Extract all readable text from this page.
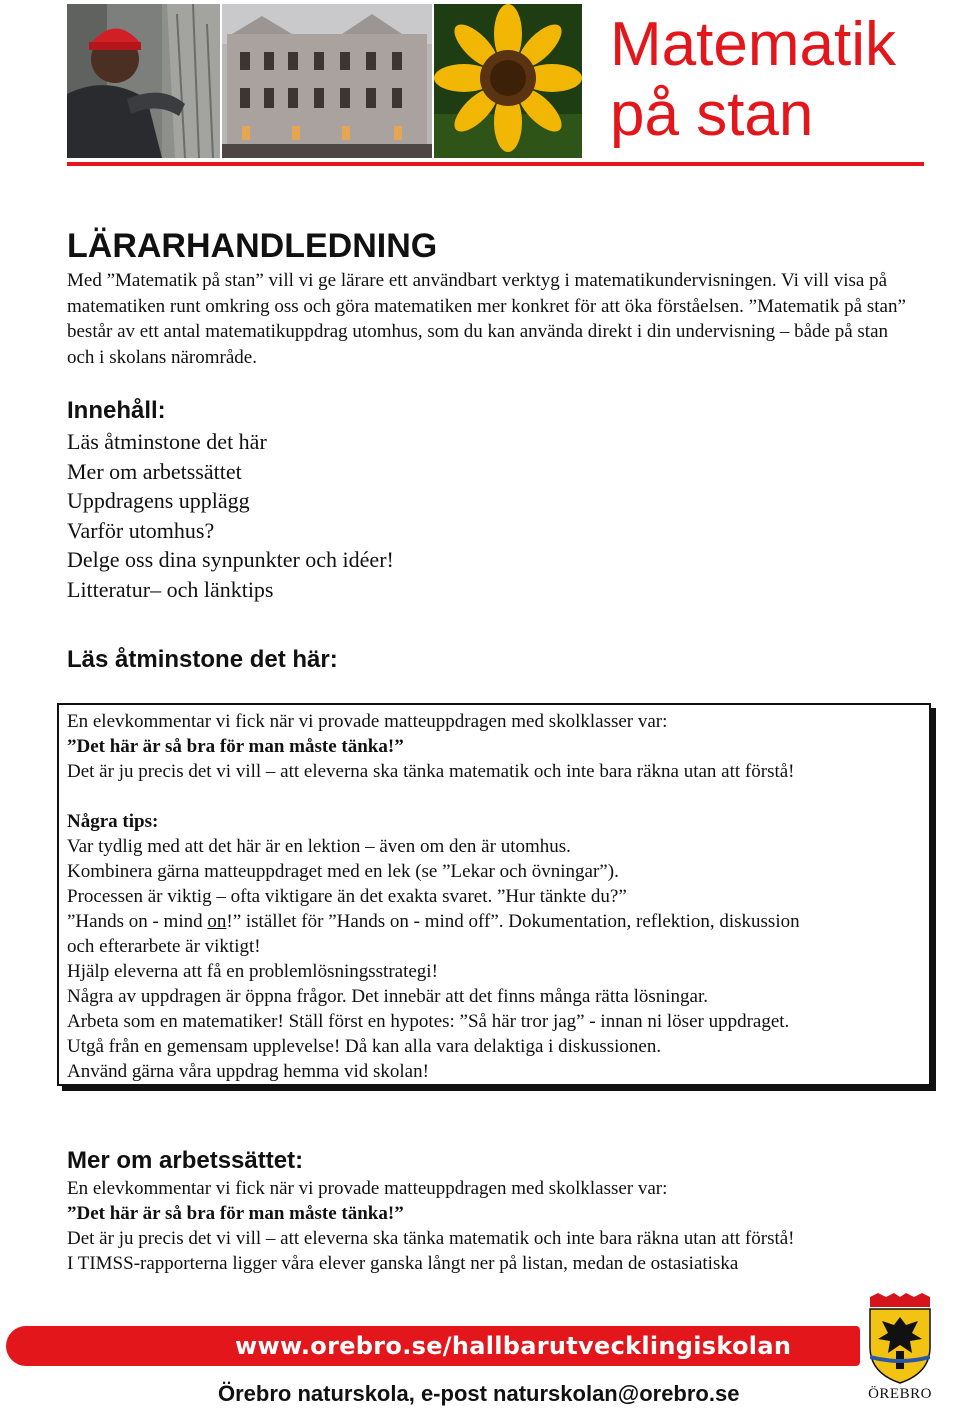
Matematik
på stan
LÄRARHANDLEDNING

Med ”Matematik på stan” vill vi ge lärare ett användbart verktyg i matematikundervisningen. Vi vill visa på matematiken runt omkring oss och göra matematiken mer konkret för att öka förståelsen. ”Matematik på stan” består av ett antal matematikuppdrag utomhus, som du kan använda direkt i din undervisning – både på stan och i skolans närområde.

Innehåll:
Läs åtminstone det här
Mer om arbetssättet
Uppdragens upplägg
Varför utomhus?
Delge oss dina synpunkter och idéer!
Litteratur– och länktips
Läs åtminstone det här:
En elevkommentar vi fick när vi provade matteuppdragen med skolklasser var:
”Det här är så bra för man måste tänka!”
Det är ju precis det vi vill – att eleverna ska tänka matematik och inte bara räkna utan att förstå!
Några tips:
Var tydlig med att det här är en lektion – även om den är utomhus.
Kombinera gärna matteuppdraget med en lek (se ”Lekar och övningar”).
Processen är viktig – ofta viktigare än det exakta svaret. ”Hur tänkte du?”
”Hands on - mind on!” istället för ”Hands on - mind off”. Dokumentation, reflektion, diskussion
och efterarbete är viktigt!
Hjälp eleverna att få en problemlösningsstrategi!
Några av uppdragen är öppna frågor. Det innebär att det finns många rätta lösningar.
Arbeta som en matematiker! Ställ först en hypotes: ”Så här tror jag” - innan ni löser uppdraget.
Utgå från en gemensam upplevelse! Då kan alla vara delaktiga i diskussionen.
Använd gärna våra uppdrag hemma vid skolan!
Mer om arbetssättet:
En elevkommentar vi fick när vi provade matteuppdragen med skolklasser var:
”Det här är så bra för man måste tänka!”
Det är ju precis det vi vill – att eleverna ska tänka matematik och inte bara räkna utan att förstå!
I TIMSS-rapporterna ligger våra elever ganska långt ner på listan, medan de ostasiatiska
www.orebro.se/hallbarutvecklingiskolan
Örebro naturskola, e-post naturskolan@orebro.se	ÖREBRO
